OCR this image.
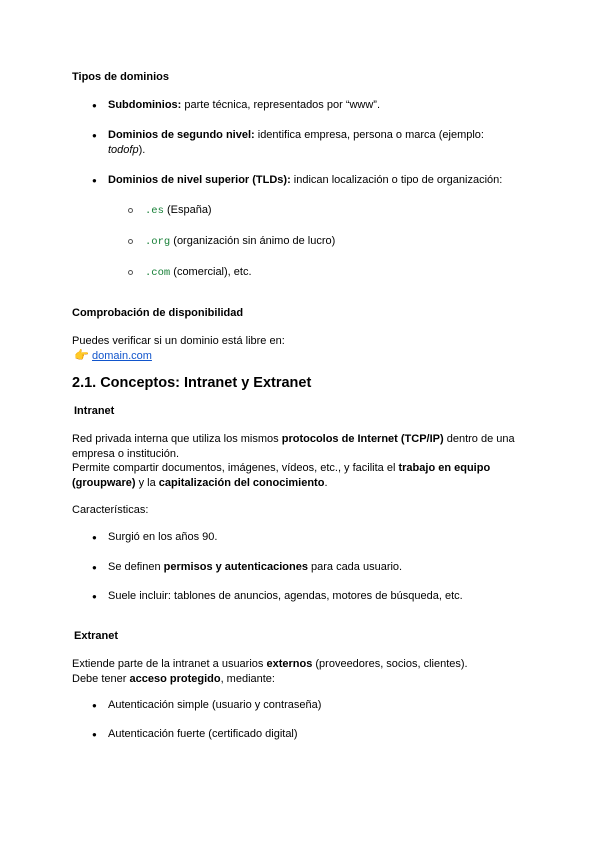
Tipos de dominios
● Subdominios: parte técnica, representados por “www”.
● Dominios de segundo nivel: identifica empresa, persona o marca (ejemplo:
todofp).
● Dominios de nivel superior (TLDs): indican localización o tipo de organización:
.es (España)
.org (organización sin ánimo de lucro)
.com (comercial), etc.
Comprobación de disponibilidad
Puedes verificar si un dominio está libre en:
👉 domain.com
2.1. Conceptos: Intranet y Extranet
Intranet
Red privada interna que utiliza los mismos protocolos de Internet (TCP/IP) dentro de una
empresa o institución.
Permite compartir documentos, imágenes, vídeos, etc., y facilita el trabajo en equipo
(groupware) y la capitalización del conocimiento.
Características:
● Surgió en los años 90.
● Se definen permisos y autenticaciones para cada usuario.
● Suele incluir: tablones de anuncios, agendas, motores de búsqueda, etc.
Extranet
Extiende parte de la intranet a usuarios externos (proveedores, socios, clientes).
Debe tener acceso protegido, mediante:
● Autenticación simple (usuario y contraseña)
● Autenticación fuerte (certificado digital)
